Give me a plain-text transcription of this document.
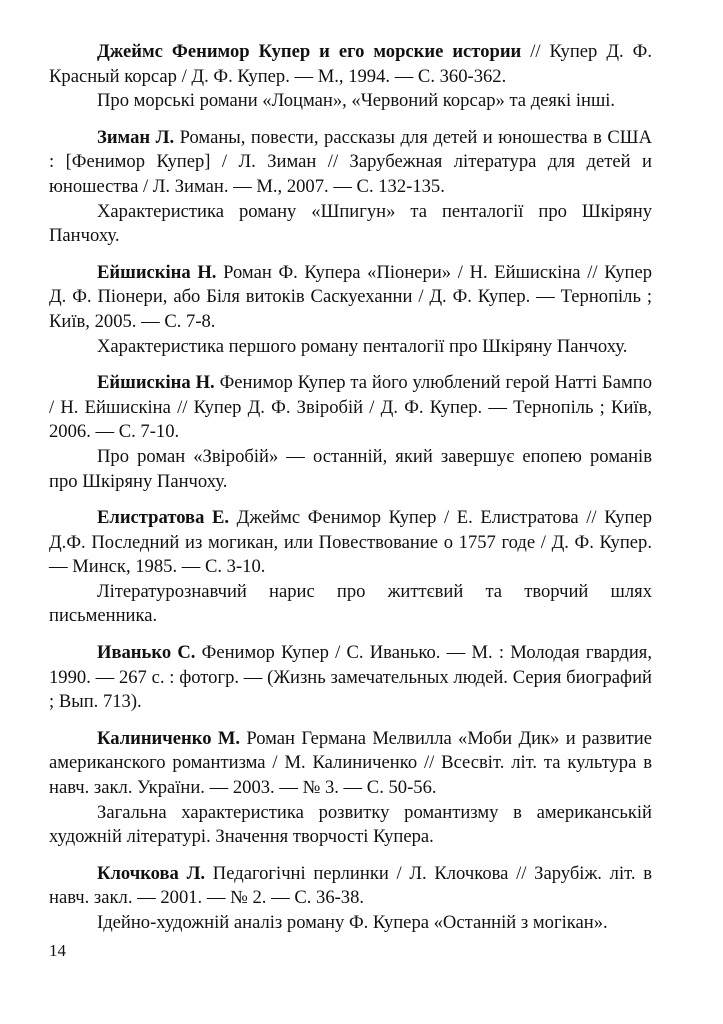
Джеймс Фенимор Купер и его морские истории // Купер Д. Ф. Красный корсар / Д. Ф. Купер. — М., 1994. — С. 360-362.

Про морські романи «Лоцман», «Червоний корсар» та деякі інші.

Зиман Л. Романы, повести, рассказы для детей и юношества в США : [Фенимор Купер] / Л. Зиман // Зарубежная література для детей и юношества / Л. Зиман. — М., 2007. — С. 132-135.

Характеристика роману «Шпигун» та пенталогії про Шкіряну Панчоху.

Ейшискіна Н. Роман Ф. Купера «Піонери» / Н. Ейшискіна // Купер Д. Ф. Піонери, або Біля витоків Саскуеханни / Д. Ф. Купер. — Тернопіль ; Київ, 2005. — С. 7-8.

Характеристика першого роману пенталогії про Шкіряну Панчоху.

Ейшискіна Н. Фенимор Купер та його улюблений герой Натті Бампо / Н. Ейшискіна // Купер Д. Ф. Звіробій / Д. Ф. Купер. — Тернопіль ; Київ, 2006. — С. 7-10.

Про роман «Звіробій» — останній, який завершує епопею романів про Шкіряну Панчоху.

Елистратова Е. Джеймс Фенимор Купер / Е. Елистратова // Купер Д.Ф. Последний из могикан, или Повествование о 1757 годе / Д. Ф. Купер. — Минск, 1985. — С. 3-10.

Літературознавчий нарис про життєвий та творчий шлях письменника.

Иванько С. Фенимор Купер / С. Иванько. — М. : Молодая гвардия, 1990. — 267 с. : фотогр. — (Жизнь замечательных людей. Серия биографий ; Вып. 713).

Калиниченко М. Роман Германа Мелвилла «Моби Дик» и развитие американского романтизма / М. Калиниченко // Всесвіт. літ. та культура в навч. закл. України. — 2003. — № 3. — С. 50-56.

Загальна характеристика розвитку романтизму в американській художній літературі. Значення творчості Купера.

Клочкова Л. Педагогічні перлинки / Л. Клочкова // Зарубіж. літ. в навч. закл. — 2001. — № 2. — С. 36-38.

Ідейно-художній аналіз роману Ф. Купера «Останній з могікан».

14
